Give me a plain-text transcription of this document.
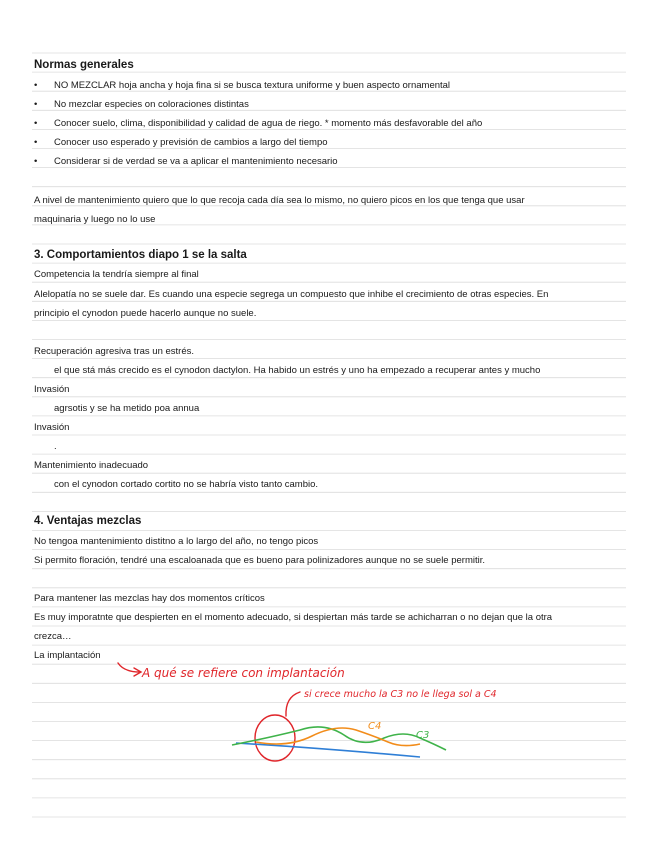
Normas generales
• NO MEZCLAR hoja ancha y hoja fina si se busca textura uniforme y buen aspecto ornamental
• No mezclar especies on coloraciones distintas
• Conocer suelo, clima, disponibilidad y calidad de agua de riego. * momento más desfavorable del año
• Conocer uso esperado y previsión de cambios a largo del tiempo
• Considerar si de verdad se va a aplicar el mantenimiento necesario
A nivel de mantenimiento quiero que lo que recoja cada día sea lo mismo, no quiero picos en los que tenga que usar
maquinaria y luego no lo use
3. Comportamientos diapo 1 se la salta
Competencia la tendría siempre al final
Alelopatía no se suele dar. Es cuando una especie segrega un compuesto que inhibe el crecimiento de otras especies. En
principio el cynodon puede hacerlo aunque no suele.
Recuperación agresiva tras un estrés.
el que stá más crecido es el cynodon dactylon. Ha habido un estrés y uno ha empezado a recuperar antes y mucho
Invasión
agrsotis y se ha metido poa annua
Invasión
.
Mantenimiento inadecuado
con el cynodon cortado cortito no se habría visto tanto cambio.
4. Ventajas mezclas
No tengoa mantenimiento distitno a lo largo del año, no tengo picos
Si permito floración, tendré una escaloanada que es bueno para polinizadores aunque no se suele permitir.
Para mantener las mezclas hay dos momentos críticos
Es muy imporatnte que despierten en el momento adecuado, si despiertan más tarde se achicharran o no dejan que la otra
crezca…
La implantación
A qué se refiere con implantación
si crece mucho la C3 no le llega sol a C4
C4
C3
